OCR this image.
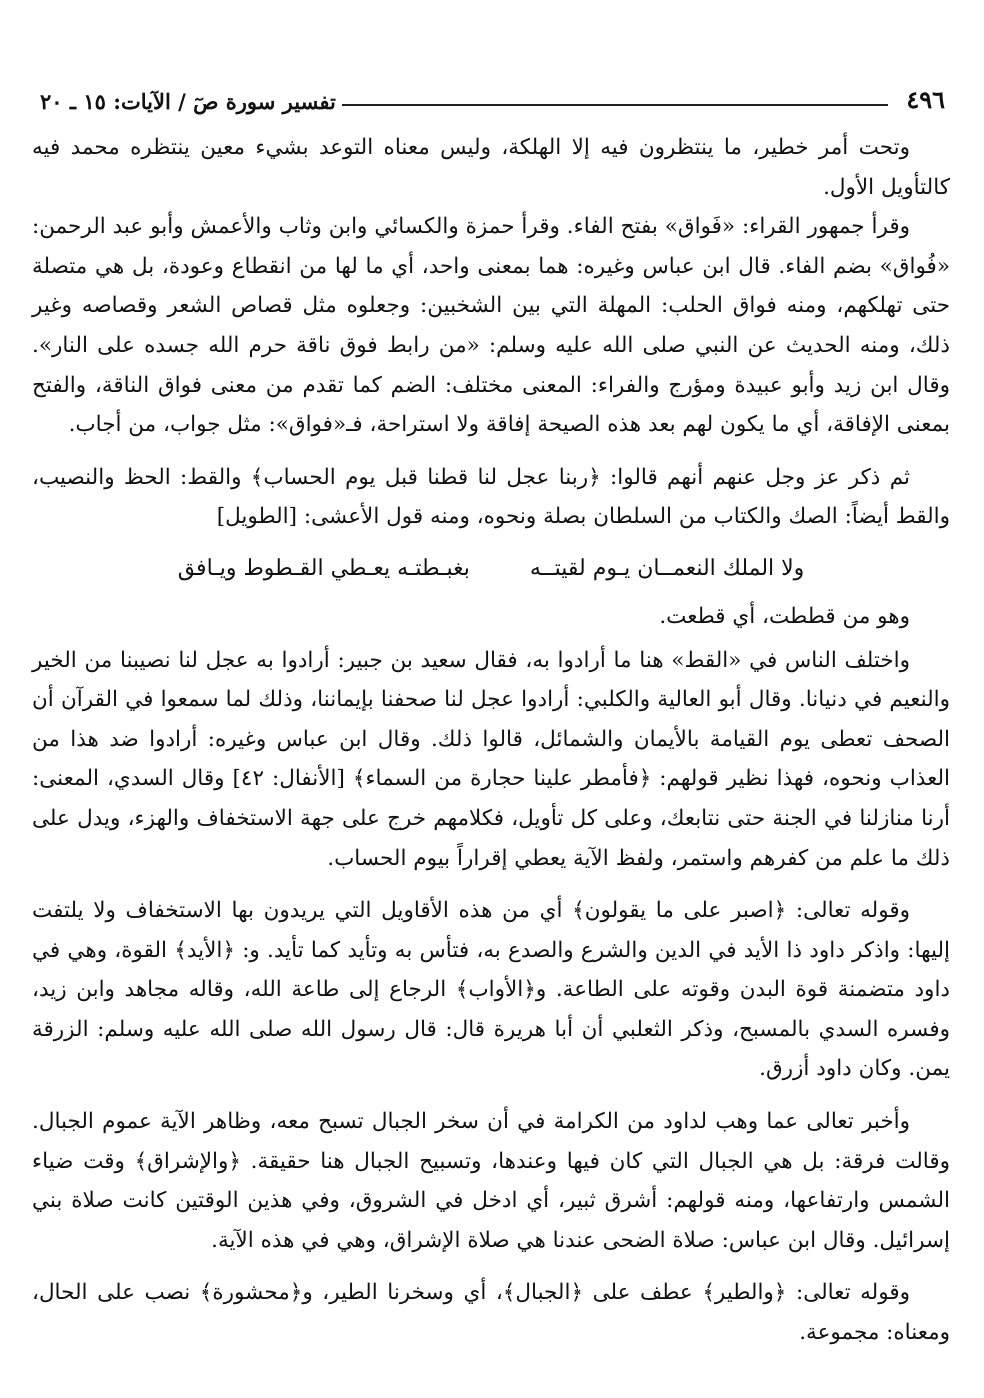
٤٩٦
تفسير سورة صٓ / الآيات: ١٥ ـ ٢٠

وتحت أمر خطير، ما ينتظرون فيه إلا الهلكة، وليس معناه التوعد بشيء معين ينتظره محمد فيه كالتأويل الأول.

وقرأ جمهور القراء: «فَواق» بفتح الفاء. وقرأ حمزة والكسائي وابن وثاب والأعمش وأبو عبد الرحمن: «فُواق» بضم الفاء. قال ابن عباس وغيره: هما بمعنى واحد، أي ما لها من انقطاع وعودة، بل هي متصلة حتى تهلكهم، ومنه فواق الحلب: المهلة التي بين الشخبين: وجعلوه مثل قصاص الشعر وقصاصه وغير ذلك، ومنه الحديث عن النبي صلى الله عليه وسلم: «من رابط فوق ناقة حرم الله جسده على النار». وقال ابن زيد وأبو عبيدة ومؤرج والفراء: المعنى مختلف: الضم كما تقدم من معنى فواق الناقة، والفتح بمعنى الإفاقة، أي ما يكون لهم بعد هذه الصيحة إفاقة ولا استراحة، فـ«فواق»: مثل جواب، من أجاب.

ثم ذكر عز وجل عنهم أنهم قالوا: ﴿ربنا عجل لنا قطنا قبل يوم الحساب﴾ والقط: الحظ والنصيب، والقط أيضاً: الصك والكتاب من السلطان بصلة ونحوه، ومنه قول الأعشى: [الطويل]

ولا الملك النعمــان يـوم لقيتــه
بغبـطتـه يعـطي القـطوط ويـافق

وهو من قططت، أي قطعت.

واختلف الناس في «القط» هنا ما أرادوا به، فقال سعيد بن جبير: أرادوا به عجل لنا نصيبنا من الخير والنعيم في دنيانا. وقال أبو العالية والكلبي: أرادوا عجل لنا صحفنا بإيماننا، وذلك لما سمعوا في القرآن أن الصحف تعطى يوم القيامة بالأيمان والشمائل، قالوا ذلك. وقال ابن عباس وغيره: أرادوا ضد هذا من العذاب ونحوه، فهذا نظير قولهم: ﴿فأمطر علينا حجارة من السماء﴾ [الأنفال: ٤٢] وقال السدي، المعنى: أرنا منازلنا في الجنة حتى نتابعك، وعلى كل تأويل، فكلامهم خرج على جهة الاستخفاف والهزء، ويدل على ذلك ما علم من كفرهم واستمر، ولفظ الآية يعطي إقراراً بيوم الحساب.

وقوله تعالى: ﴿اصبر على ما يقولون﴾ أي من هذه الأقاويل التي يريدون بها الاستخفاف ولا يلتفت إليها: واذكر داود ذا الأيد في الدين والشرع والصدع به، فتأس به وتأيد كما تأيد. و: ﴿الأيد﴾ القوة، وهي في داود متضمنة قوة البدن وقوته على الطاعة. و﴿الأواب﴾ الرجاع إلى طاعة الله، وقاله مجاهد وابن زيد، وفسره السدي بالمسبح، وذكر الثعلبي أن أبا هريرة قال: قال رسول الله صلى الله عليه وسلم: الزرقة يمن. وكان داود أزرق.

وأخبر تعالى عما وهب لداود من الكرامة في أن سخر الجبال تسبح معه، وظاهر الآية عموم الجبال. وقالت فرقة: بل هي الجبال التي كان فيها وعندها، وتسبيح الجبال هنا حقيقة. ﴿والإشراق﴾ وقت ضياء الشمس وارتفاعها، ومنه قولهم: أشرق ثبير، أي ادخل في الشروق، وفي هذين الوقتين كانت صلاة بني إسرائيل. وقال ابن عباس: صلاة الضحى عندنا هي صلاة الإشراق، وهي في هذه الآية.

وقوله تعالى: ﴿والطير﴾ عطف على ﴿الجبال﴾، أي وسخرنا الطير، و﴿محشورة﴾ نصب على الحال، ومعناه: مجموعة.
